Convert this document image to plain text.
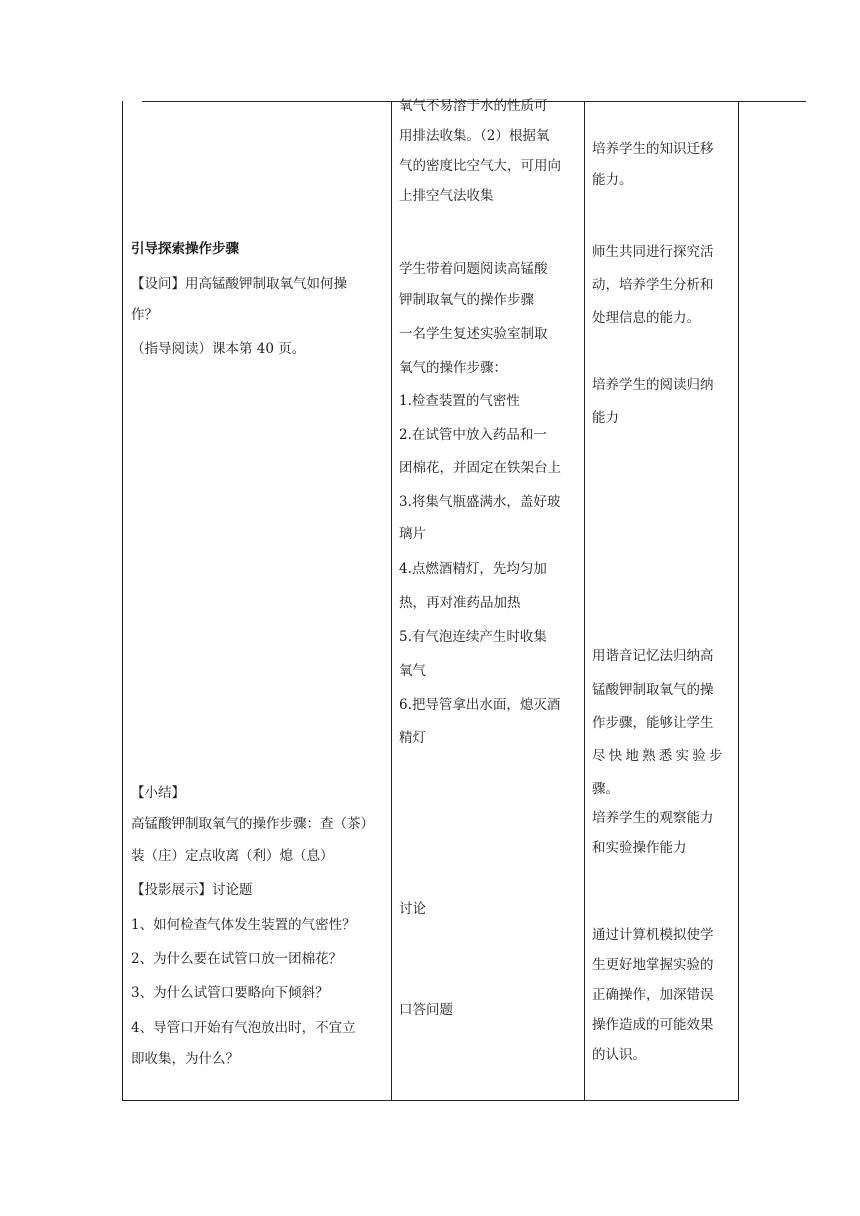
引导探索操作步骤
【设问】用高锰酸钾制取氧气如何操
作？
（指导阅读）课本第 40 页。
【小结】
高锰酸钾制取氧气的操作步骤：查（茶）
装（庄）定点收离（利）熄（息）
【投影展示】讨论题
1、如何检查气体发生装置的气密性？
2、为什么要在试管口放一团棉花？
3、为什么试管口要略向下倾斜？
4、导管口开始有气泡放出时，不宜立
即收集，为什么？
氧气不易溶于水的性质可
用排法收集。（2）根据氧
气的密度比空气大，可用向
上排空气法收集
学生带着问题阅读高锰酸
钾制取氧气的操作步骤
一名学生复述实验室制取
氧气的操作步骤：
1.检查装置的气密性
2.在试管中放入药品和一
团棉花，并固定在铁架台上
3.将集气瓶盛满水，盖好玻
璃片
4.点燃酒精灯，先均匀加
热，再对准药品加热
5.有气泡连续产生时收集
氧气
6.把导管拿出水面，熄灭酒
精灯
讨论
口答问题
培养学生的知识迁移
能力。
师生共同进行探究活
动，培养学生分析和
处理信息的能力。
培养学生的阅读归纳
能力
用谐音记忆法归纳高
锰酸钾制取氧气的操
作步骤，能够让学生
尽快地熟悉实验步
骤。
培养学生的观察能力
和实验操作能力
通过计算机模拟使学
生更好地掌握实验的
正确操作，加深错误
操作造成的可能效果
的认识。
